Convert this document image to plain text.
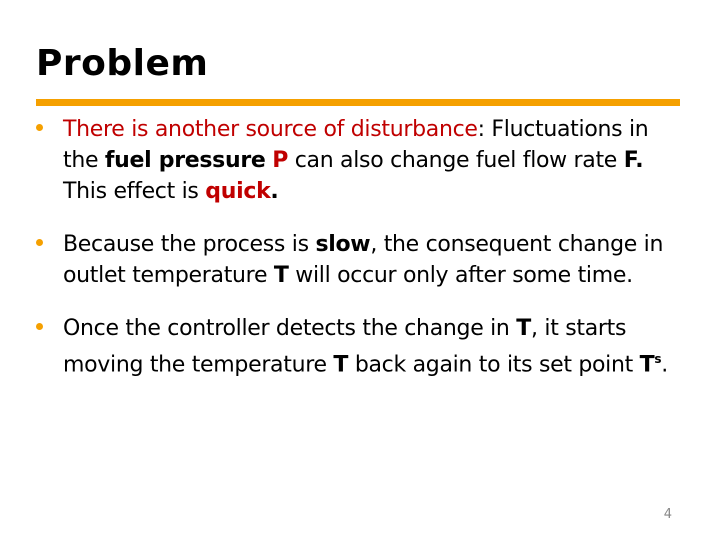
Problem
There is another source of disturbance: Fluctuations in the fuel pressure P can also change fuel flow rate F. This effect is quick.
Because the process is slow, the consequent change in outlet temperature T will occur only after some time.
Once the controller detects the change in T, it starts moving the temperature T back again to its set point $T^s$.
4
